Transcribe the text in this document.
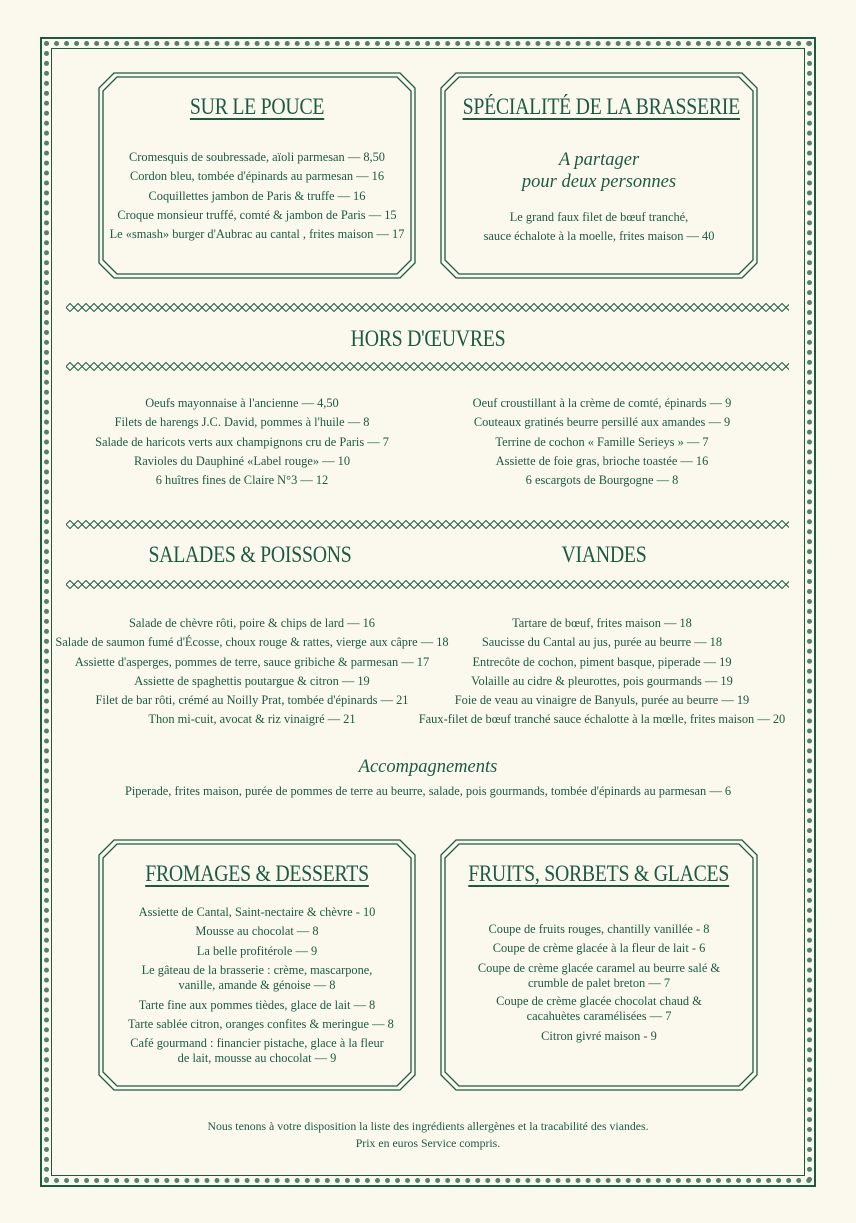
SUR LE POUCE
Cromesquis de soubressade, aïoli parmesan — 8,50
Cordon bleu, tombée d'épinards au parmesan — 16
Coquillettes jambon de Paris & truffe — 16
Croque monsieur truffé, comté & jambon de Paris — 15
Le «smash» burger d'Aubrac au cantal , frites maison — 17
SPÉCIALITÉ DE LA BRASSERIE
A partager
pour deux personnes
Le grand faux filet de bœuf tranché,
sauce échalote à la moelle, frites maison — 40
HORS D'ŒUVRES
Oeufs mayonnaise à l'ancienne — 4,50
Filets de harengs J.C. David, pommes à l'huile — 8
Salade de haricots verts aux champignons cru de Paris — 7
Ravioles du Dauphiné «Label rouge» — 10
6 huîtres fines de Claire N°3 — 12
Oeuf croustillant à la crème de comté, épinards — 9
Couteaux gratinés beurre persillé aux amandes — 9
Terrine de cochon « Famille Serieys » — 7
Assiette de foie gras, brioche toastée — 16
6 escargots de Bourgogne — 8
SALADES & POISSONS	VIANDES
Salade de chèvre rôti, poire & chips de lard — 16
Salade de saumon fumé d'Écosse, choux rouge & rattes, vierge aux câpre — 18
Assiette d'asperges, pommes de terre, sauce gribiche & parmesan — 17
Assiette de spaghettis poutargue & citron — 19
Filet de bar rôti, crémé au Noilly Prat, tombée d'épinards — 21
Thon mi-cuit, avocat & riz vinaigré — 21
Tartare de bœuf, frites maison — 18
Saucisse du Cantal au jus, purée au beurre — 18
Entrecôte de cochon, piment basque, piperade — 19
Volaille au cidre & pleurottes, pois gourmands — 19
Foie de veau au vinaigre de Banyuls, purée au beurre — 19
Faux-filet de bœuf tranché sauce échalotte à la mœlle, frites maison — 20
Accompagnements
Piperade, frites maison, purée de pommes de terre au beurre, salade, pois gourmands, tombée d'épinards au parmesan — 6
FROMAGES & DESSERTS
Assiette de Cantal, Saint-nectaire & chèvre - 10
Mousse au chocolat — 8
La belle profitérole — 9
Le gâteau de la brasserie : crème, mascarpone, vanille, amande & génoise — 8
Tarte fine aux pommes tièdes, glace de lait — 8
Tarte sablée citron, oranges confites & meringue — 8
Café gourmand : financier pistache, glace à la fleur de lait, mousse au chocolat — 9
FRUITS, SORBETS & GLACES
Coupe de fruits rouges, chantilly vanillée - 8
Coupe de crème glacée à la fleur de lait - 6
Coupe de crème glacée caramel au beurre salé & crumble de palet breton — 7
Coupe de crème glacée chocolat chaud & cacahuètes caramélisées — 7
Citron givré maison - 9
Nous tenons à votre disposition la liste des ingrédients allergènes et la tracabilité des viandes.
Prix en euros Service compris.
